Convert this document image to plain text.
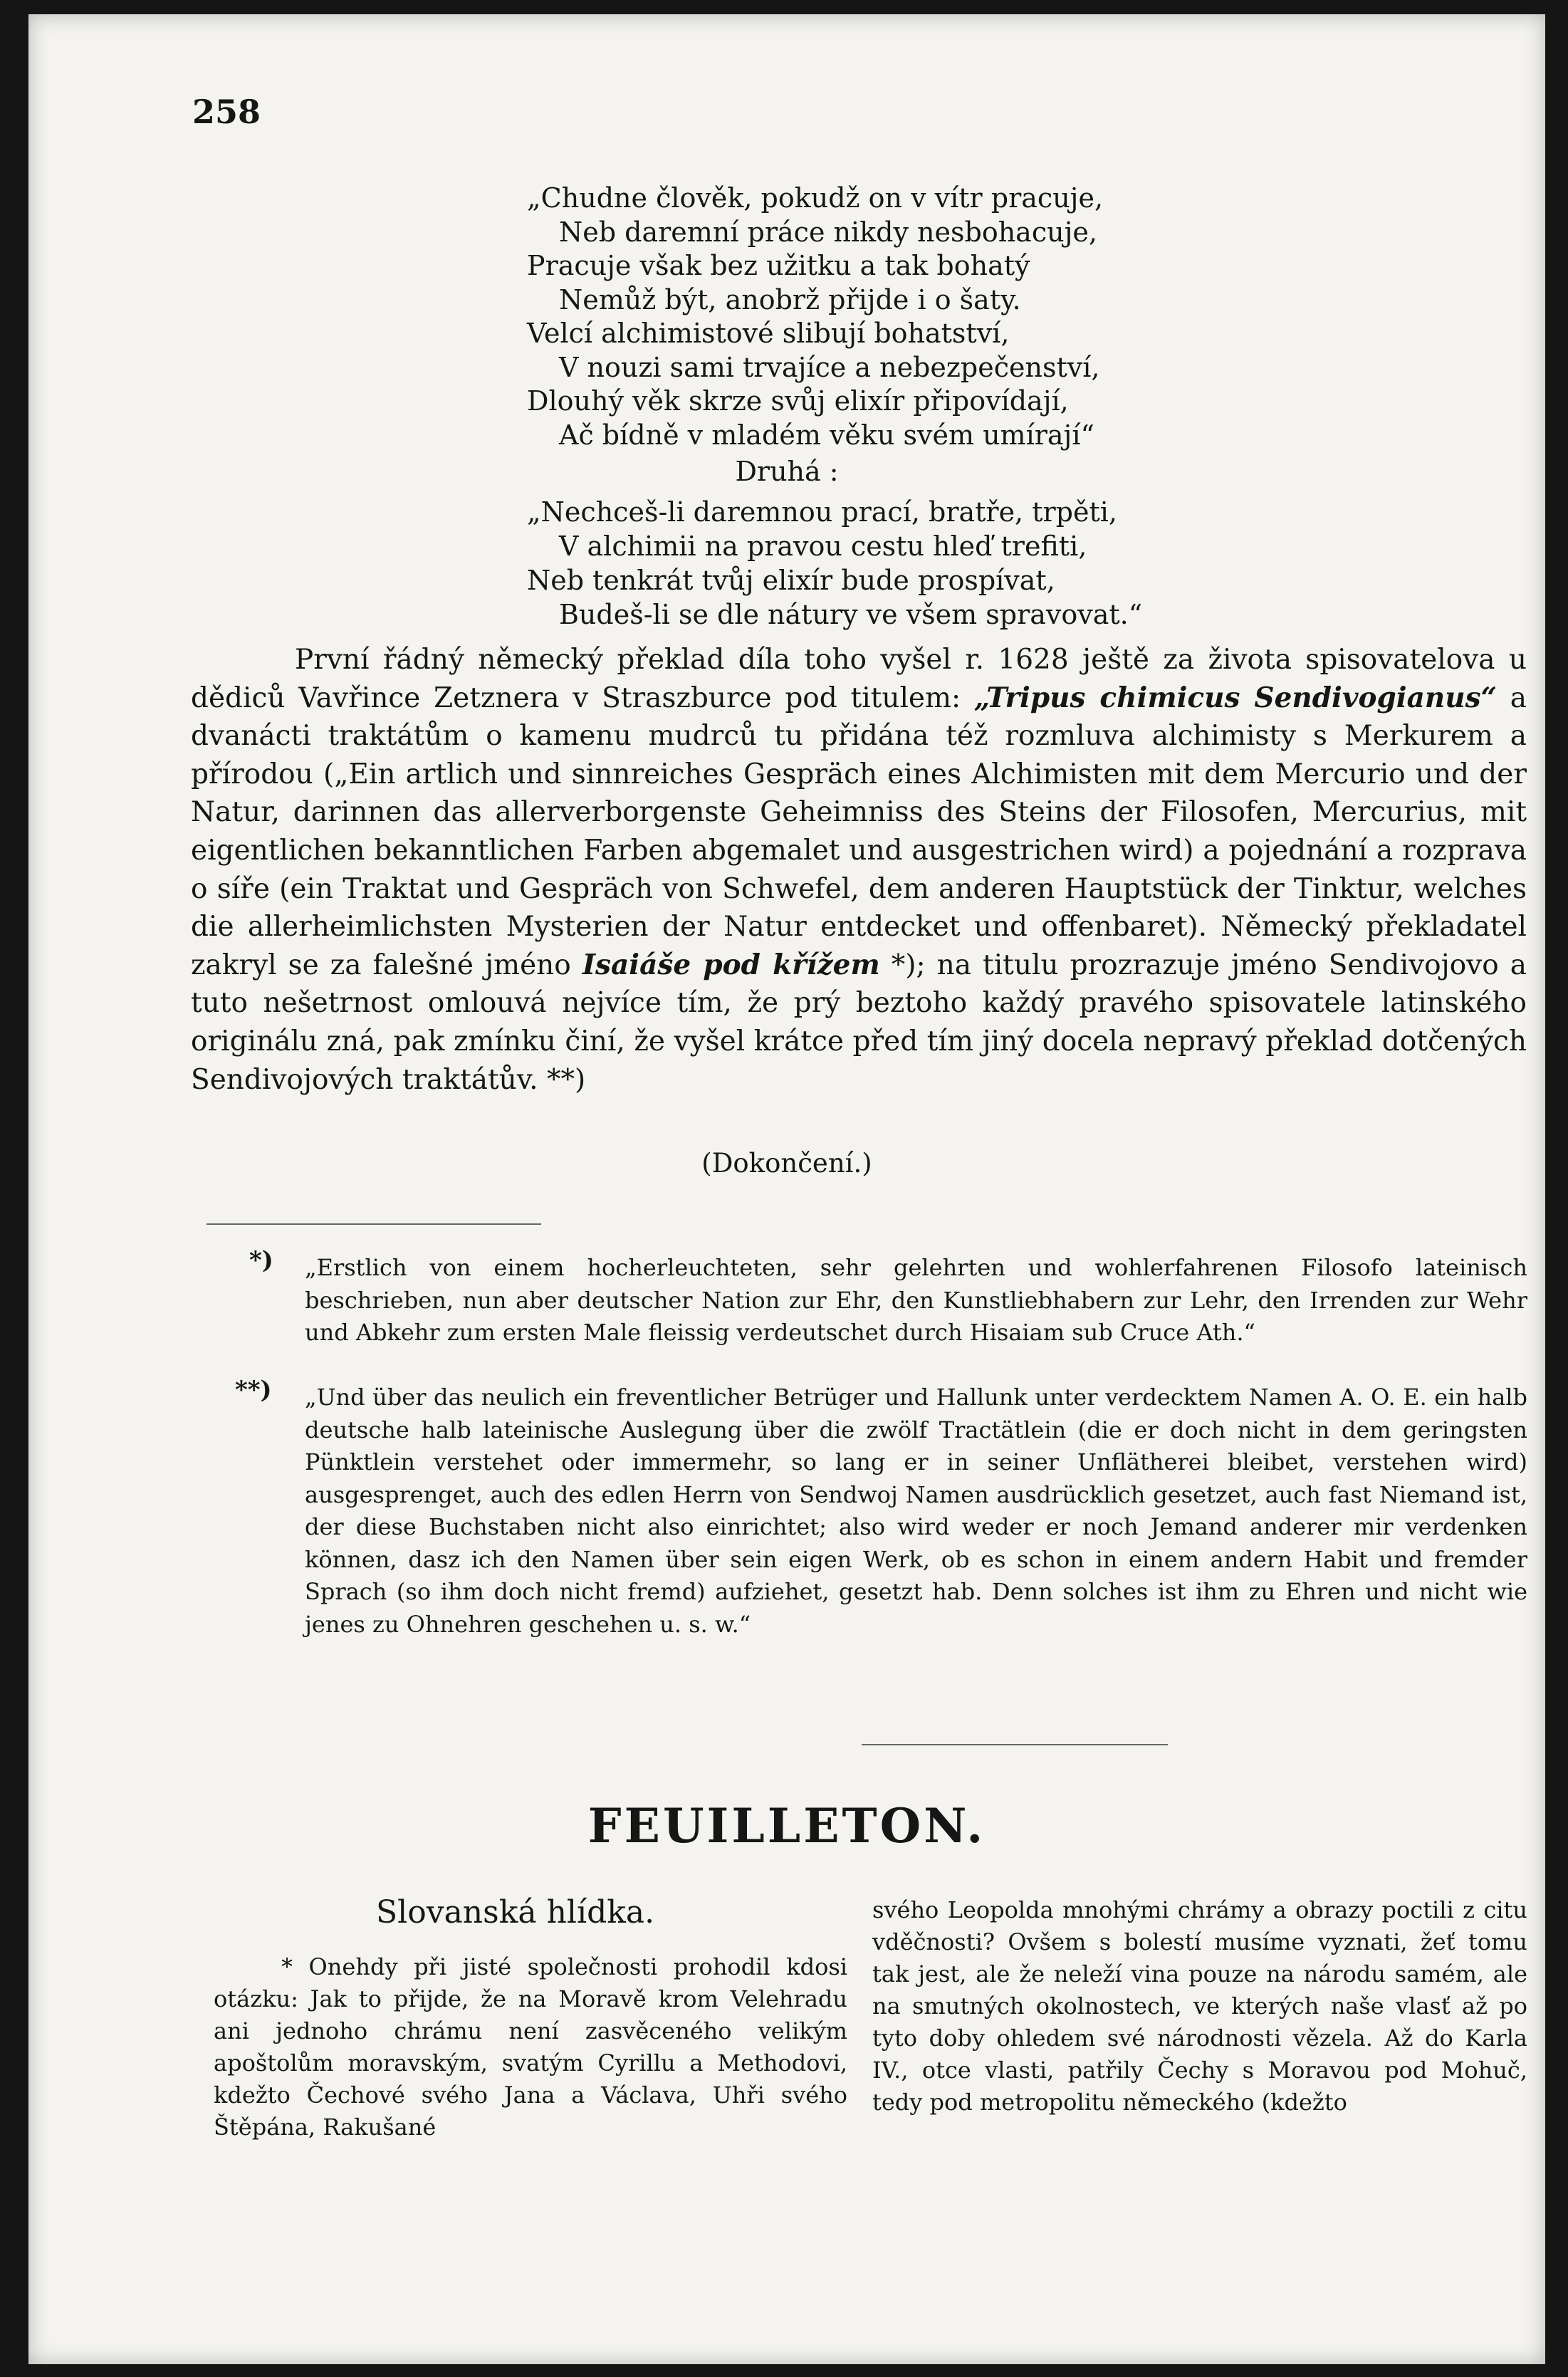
258
„Chudne člověk, pokudž on v vítr pracuje,
Neb daremní práce nikdy nesbohacuje,
Pracuje však bez užitku a tak bohatý
Nemůž být, anobrž přijde i o šaty.
Velcí alchimistové slibují bohatství,
V nouzi sami trvajíce a nebezpečenství,
Dlouhý věk skrze svůj elixír připovídají,
Ač bídně v mladém věku svém umírají“
Druhá :
„Nechceš-li daremnou prací, bratře, trpěti,
V alchimii na pravou cestu hleď trefiti,
Neb tenkrát tvůj elixír bude prospívat,
Budeš-li se dle nátury ve všem spravovat.“
První řádný německý překlad díla toho vyšel r. 1628 ještě za života spisovatelova u dědiců Vavřince Zetznera v Straszburce pod titulem: „Tripus chimicus Sendivogianus“ a dvanácti traktátům o kamenu mudrců tu přidána též rozmluva alchimisty s Merkurem a přírodou („Ein artlich und sinnreiches Gespräch eines Alchimisten mit dem Mercurio und der Natur, darinnen das allerverborgenste Geheimniss des Steins der Filosofen, Mercurius, mit eigentlichen bekanntlichen Farben abgemalet und ausgestrichen wird) a pojednání a rozprava o síře (ein Traktat und Gespräch von Schwefel, dem anderen Hauptstück der Tinktur, welches die allerheimlichsten Mysterien der Natur entdecket und offenbaret). Německý překladatel zakryl se za falešné jméno Isaiáše pod křížem *); na titulu prozrazuje jméno Sendivojovo a tuto nešetrnost omlouvá nejvíce tím, že prý beztoho každý pravého spisovatele latinského originálu zná, pak zmínku činí, že vyšel krátce před tím jiný docela nepravý překlad dotčených Sendivojových traktátův. **)
(Dokončení.)
*) „Erstlich von einem hocherleuchteten, sehr gelehrten und wohlerfahrenen Filosofo lateinisch beschrieben, nun aber deutscher Nation zur Ehr, den Kunstliebhabern zur Lehr, den Irrenden zur Wehr und Abkehr zum ersten Male fleissig verdeutschet durch Hisaiam sub Cruce Ath.“
**) „Und über das neulich ein freventlicher Betrüger und Hallunk unter verdecktem Namen A. O. E. ein halb deutsche halb lateinische Auslegung über die zwölf Tractätlein (die er doch nicht in dem geringsten Pünktlein verstehet oder immermehr, so lang er in seiner Unflätherei bleibet, verstehen wird) ausgesprenget, auch des edlen Herrn von Sendwoj Namen ausdrücklich gesetzet, auch fast Niemand ist, der diese Buchstaben nicht also einrichtet; also wird weder er noch Jemand anderer mir verdenken können, dasz ich den Namen über sein eigen Werk, ob es schon in einem andern Habit und fremder Sprach (so ihm doch nicht fremd) aufziehet, gesetzt hab. Denn solches ist ihm zu Ehren und nicht wie jenes zu Ohnehren geschehen u. s. w.“
FEUILLETON.
Slovanská hlídka.
* Onehdy při jisté společnosti prohodil kdosi otázku: Jak to přijde, že na Moravě krom Velehradu ani jednoho chrámu není zasvěceného velikým apoštolům moravským, svatým Cyrillu a Methodovi, kdežto Čechové svého Jana a Václava, Uhři svého Štěpána, Rakušané
svého Leopolda mnohými chrámy a obrazy poctili z citu vděčnosti? Ovšem s bolestí musíme vyznati, žeť tomu tak jest, ale že neleží vina pouze na národu samém, ale na smutných okolnostech, ve kterých naše vlasť až po tyto doby ohledem své národnosti vězela. Až do Karla IV., otce vlasti, patřily Čechy s Moravou pod Mohuč, tedy pod metropolitu německého (kdežto
